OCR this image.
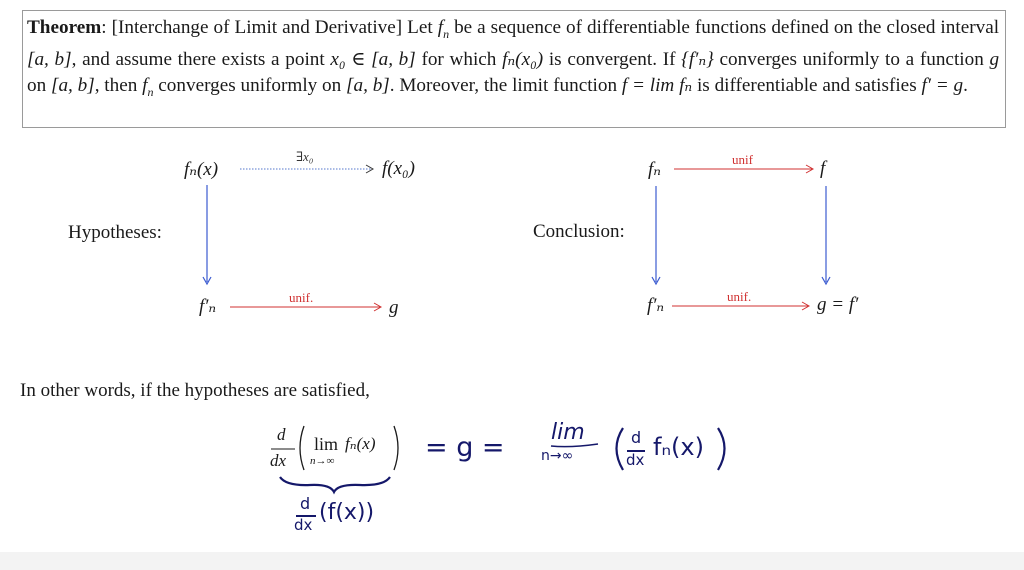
Theorem: [Interchange of Limit and Derivative] Let $f_n$ be a sequence of differentiable functions defined on the closed interval [a, b], and assume there exists a point x₀ ∈ [a, b] for which fₙ(x₀) is convergent. If {f′ₙ} converges uniformly to a function g on [a, b], then $f_n$ converges uniformly on [a, b]. Moreover, the limit function f = lim fₙ is differentiable and satisfies f′ = g.
Hypotheses:
fₙ(x)	f(x₀)
∃x₀
f′ₙ	g
unif.
Conclusion:
fₙ	f
unif
f′ₙ	g = f′
unif.
In other words, if the hypotheses are satisfied,
d
dx
lim
n→∞
fₙ(x) = g = lim
n→∞
d
dx fₙ(x)
d
dx (f(x))
